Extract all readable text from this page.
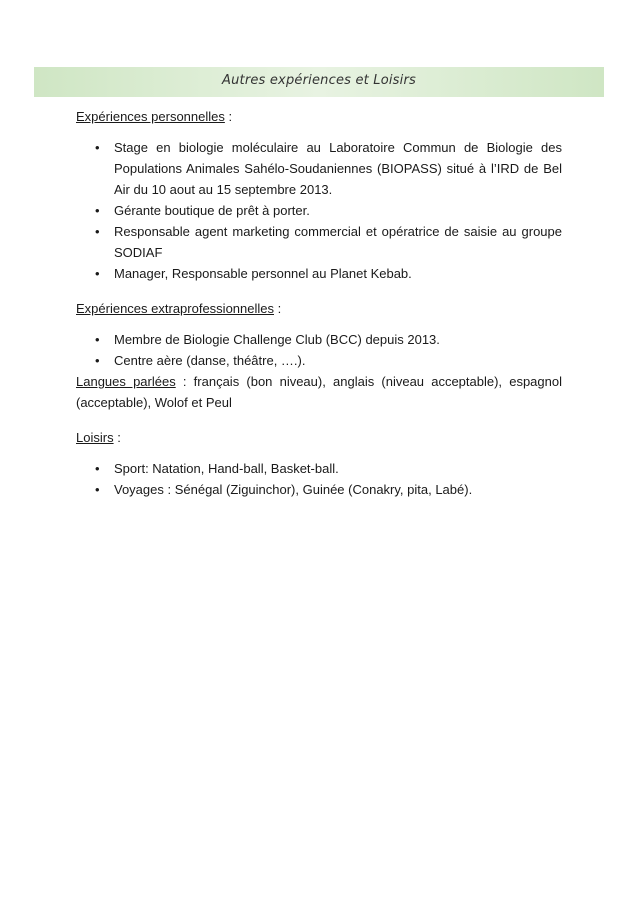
Autres expériences et Loisirs

Expériences personnelles :

• Stage en biologie moléculaire au Laboratoire Commun de Biologie des Populations Animales Sahélo-Soudaniennes (BIOPASS) situé à l’IRD de Bel Air du 10 aout au 15 septembre 2013.
• Gérante boutique de prêt à porter.
• Responsable agent marketing commercial et opératrice de saisie au groupe SODIAF
• Manager, Responsable personnel au Planet Kebab.

Expériences extraprofessionnelles :

• Membre de Biologie Challenge Club (BCC) depuis 2013.
• Centre aère (danse, théâtre, ….).

Langues parlées : français (bon niveau), anglais (niveau acceptable), espagnol (acceptable), Wolof et Peul

Loisirs :

• Sport: Natation, Hand-ball, Basket-ball.
• Voyages : Sénégal (Ziguinchor), Guinée (Conakry, pita, Labé).
